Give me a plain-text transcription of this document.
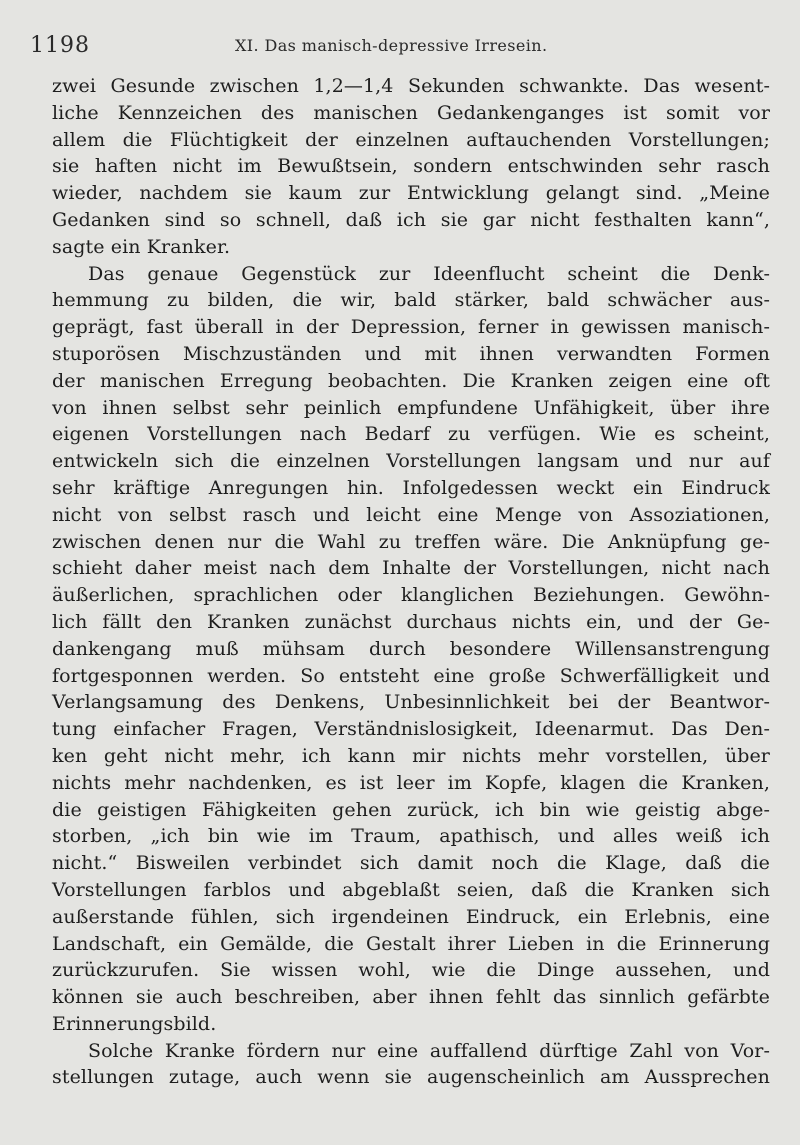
1198	XI. Das manisch-depressive Irresein.
zwei Gesunde zwischen 1,2—1,4 Sekunden schwankte. Das wesent-
liche Kennzeichen des manischen Gedankenganges ist somit vor
allem die Flüchtigkeit der einzelnen auftauchenden Vorstellungen;
sie haften nicht im Bewußtsein, sondern entschwinden sehr rasch
wieder, nachdem sie kaum zur Entwicklung gelangt sind. „Meine
Gedanken sind so schnell, daß ich sie gar nicht festhalten kann“,
sagte ein Kranker.
Das genaue Gegenstück zur Ideenflucht scheint die Denk-
hemmung zu bilden, die wir, bald stärker, bald schwächer aus-
geprägt, fast überall in der Depression, ferner in gewissen manisch-
stuporösen Mischzuständen und mit ihnen verwandten Formen
der manischen Erregung beobachten. Die Kranken zeigen eine oft
von ihnen selbst sehr peinlich empfundene Unfähigkeit, über ihre
eigenen Vorstellungen nach Bedarf zu verfügen. Wie es scheint,
entwickeln sich die einzelnen Vorstellungen langsam und nur auf
sehr kräftige Anregungen hin. Infolgedessen weckt ein Eindruck
nicht von selbst rasch und leicht eine Menge von Assoziationen,
zwischen denen nur die Wahl zu treffen wäre. Die Anknüpfung ge-
schieht daher meist nach dem Inhalte der Vorstellungen, nicht nach
äußerlichen, sprachlichen oder klanglichen Beziehungen. Gewöhn-
lich fällt den Kranken zunächst durchaus nichts ein, und der Ge-
dankengang muß mühsam durch besondere Willensanstrengung
fortgesponnen werden. So entsteht eine große Schwerfälligkeit und
Verlangsamung des Denkens, Unbesinnlichkeit bei der Beantwor-
tung einfacher Fragen, Verständnislosigkeit, Ideenarmut. Das Den-
ken geht nicht mehr, ich kann mir nichts mehr vorstellen, über
nichts mehr nachdenken, es ist leer im Kopfe, klagen die Kranken,
die geistigen Fähigkeiten gehen zurück, ich bin wie geistig abge-
storben, „ich bin wie im Traum, apathisch, und alles weiß ich
nicht.“ Bisweilen verbindet sich damit noch die Klage, daß die
Vorstellungen farblos und abgeblaßt seien, daß die Kranken sich
außerstande fühlen, sich irgendeinen Eindruck, ein Erlebnis, eine
Landschaft, ein Gemälde, die Gestalt ihrer Lieben in die Erinnerung
zurückzurufen. Sie wissen wohl, wie die Dinge aussehen, und
können sie auch beschreiben, aber ihnen fehlt das sinnlich gefärbte
Erinnerungsbild.
Solche Kranke fördern nur eine auffallend dürftige Zahl von Vor-
stellungen zutage, auch wenn sie augenscheinlich am Aussprechen
